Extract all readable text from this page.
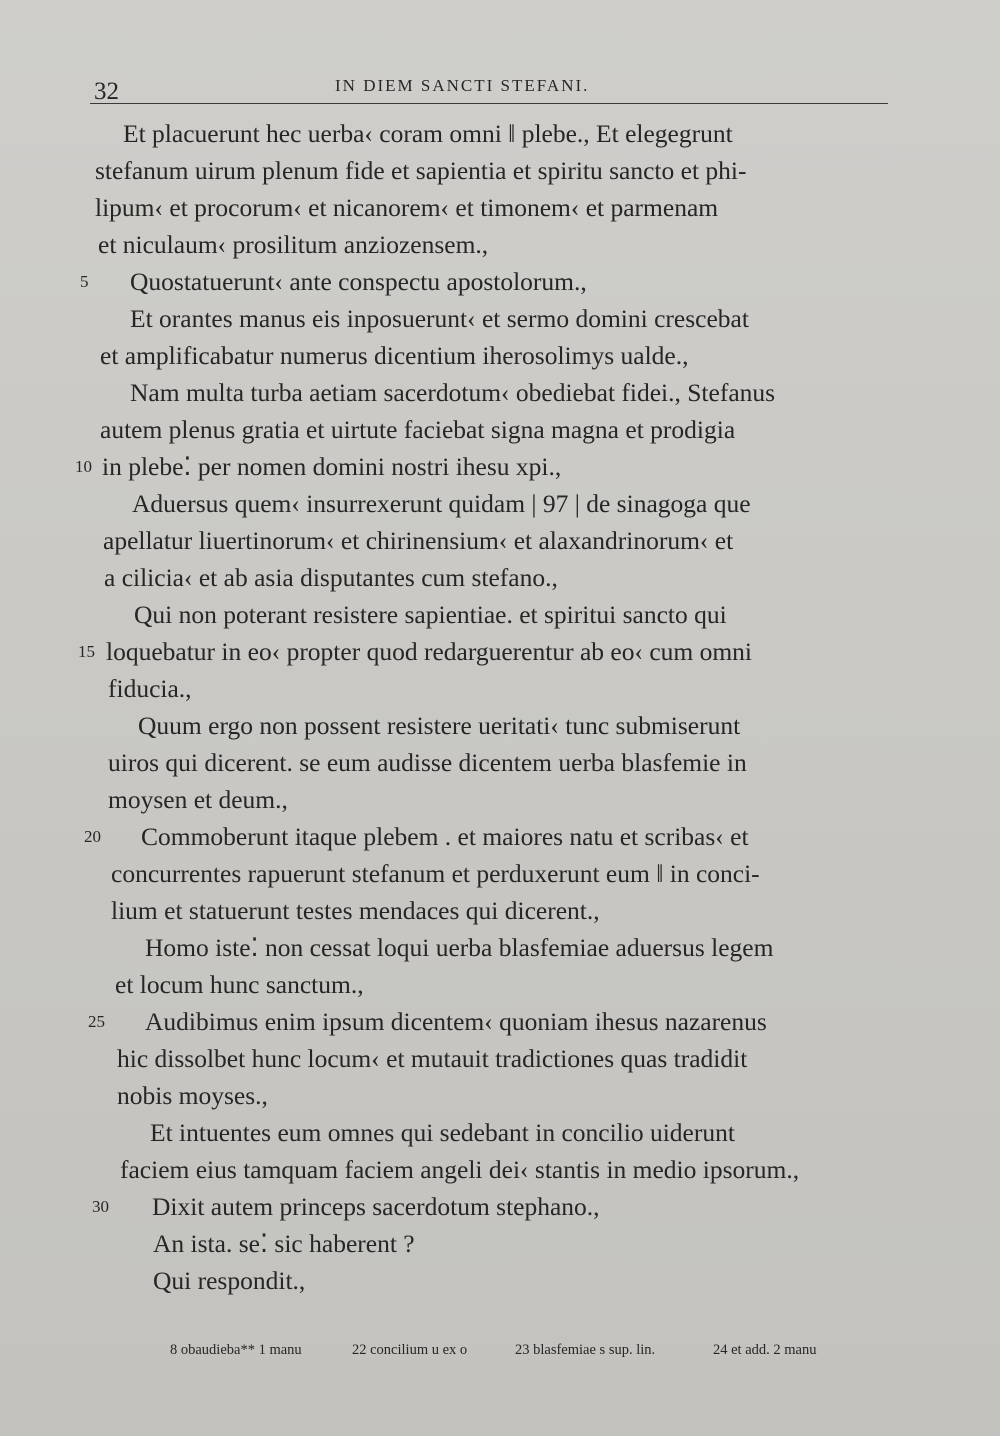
32	IN DIEM SANCTI STEFANI.
Et placuerunt hec uerba‹ coram omni ‖ plebe., Et elegegrunt
stefanum uirum plenum fide et sapientia et spiritu sancto et phi-
lipum‹ et procorum‹ et nicanorem‹ et timonem‹ et parmenam
et niculaum‹ prosilitum anziozensem.,
5 Quostatuerunt‹ ante conspectu apostolorum.,
Et orantes manus eis inposuerunt‹ et sermo domini crescebat
et amplificabatur numerus dicentium iherosolimys ualde.,
Nam multa turba aetiam sacerdotum‹ obediebat fidei., Stefanus
autem plenus gratia et uirtute faciebat signa magna et prodigia
10 in plebe⁚ per nomen domini nostri ihesu xpi.,
Aduersus quem‹ insurrexerunt quidam | 97 | de sinagoga que
apellatur liuertinorum‹ et chirinensium‹ et alaxandrinorum‹ et
a cilicia‹ et ab asia disputantes cum stefano.,
Qui non poterant resistere sapientiae. et spiritui sancto qui
15 loquebatur in eo‹ propter quod redarguerentur ab eo‹ cum omni
fiducia.,
Quum ergo non possent resistere ueritati‹ tunc submiserunt
uiros qui dicerent. se eum audisse dicentem uerba blasfemie in
moysen et deum.,
20 Commoberunt itaque plebem . et maiores natu et scribas‹ et
concurrentes rapuerunt stefanum et perduxerunt eum ‖ in conci-
lium et statuerunt testes mendaces qui dicerent.,
Homo iste⁚ non cessat loqui uerba blasfemiae aduersus legem
et locum hunc sanctum.,
25 Audibimus enim ipsum dicentem‹ quoniam ihesus nazarenus
hic dissolbet hunc locum‹ et mutauit tradictiones quas tradidit
nobis moyses.,
Et intuentes eum omnes qui sedebant in concilio uiderunt
faciem eius tamquam faciem angeli dei‹ stantis in medio ipsorum.,
30 Dixit autem princeps sacerdotum stephano.,
An ista. se⁚ sic haberent ?
Qui respondit.,
8 obaudieba** 1 manu	22 concilium u ex o	23 blasfemiae s sup. lin.	24 et add. 2 manu
